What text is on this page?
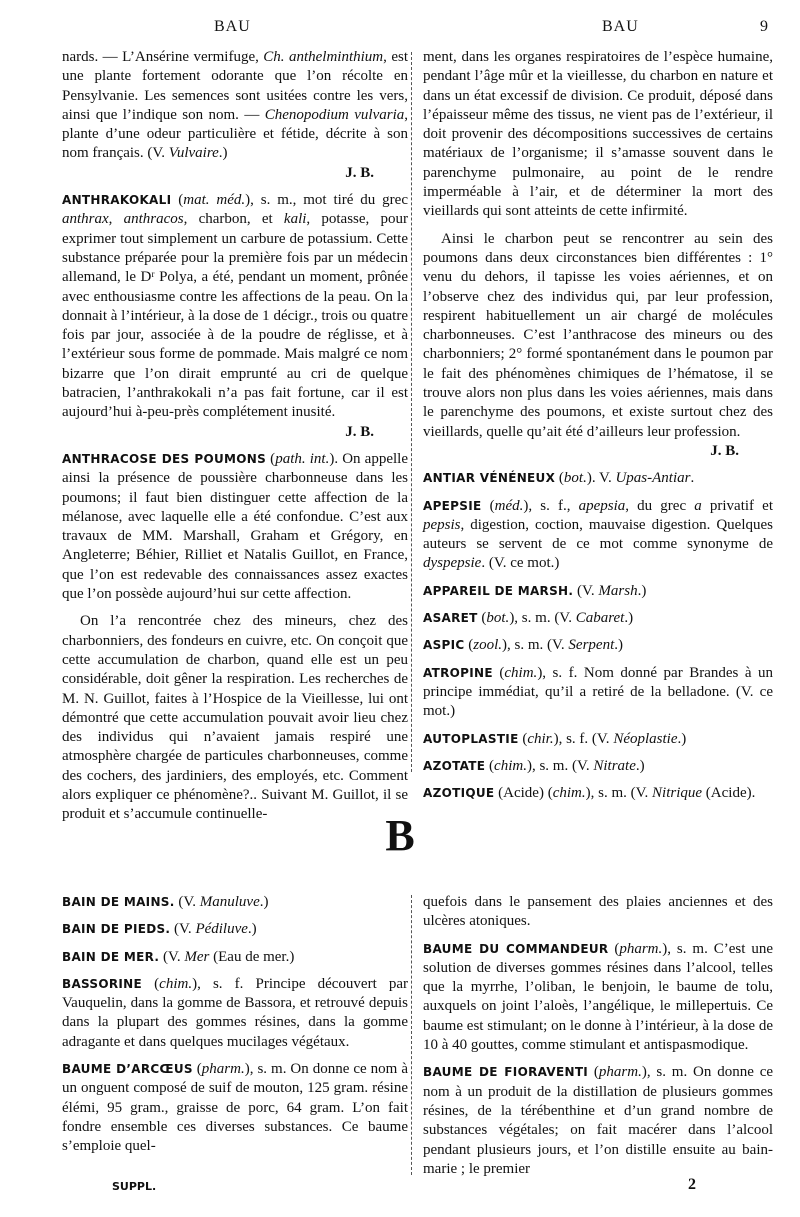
BAU	BAU	9

nards. — L’Ansérine vermifuge, Ch. anthelminthium, est une plante fortement odorante que l’on récolte en Pensylvanie. Les semences sont usitées contre les vers, ainsi que l’indique son nom. — Chenopodium vulvaria, plante d’une odeur particulière et fétide, décrite à son nom français. (V. Vulvaire.)
J. B.

ANTHRAKOKALI (mat. méd.), s. m., mot tiré du grec anthrax, anthracos, charbon, et kali, potasse, pour exprimer tout simplement un carbure de potassium. Cette substance préparée pour la première fois par un médecin allemand, le Dʳ Polya, a été, pendant un moment, prônée avec enthousiasme contre les affections de la peau. On la donnait à l’intérieur, à la dose de 1 décigr., trois ou quatre fois par jour, associée à de la poudre de réglisse, et à l’extérieur sous forme de pommade. Mais malgré ce nom bizarre que l’on dirait emprunté au cri de quelque batracien, l’anthrakokali n’a pas fait fortune, car il est aujourd’hui à-peu-près complétement inusité.
J. B.

ANTHRACOSE DES POUMONS (path. int.). On appelle ainsi la présence de poussière charbonneuse dans les poumons; il faut bien distinguer cette affection de la mélanose, avec laquelle elle a été confondue. C’est aux travaux de MM. Marshall, Graham et Grégory, en Angleterre; Béhier, Rilliet et Natalis Guillot, en France, que l’on est redevable des connaissances assez exactes que l’on possède aujourd’hui sur cette affection.

On l’a rencontrée chez des mineurs, chez des charbonniers, des fondeurs en cuivre, etc. On conçoit que cette accumulation de charbon, quand elle est un peu considérable, doit gêner la respiration. Les recherches de M. N. Guillot, faites à l’Hospice de la Vieillesse, lui ont démontré que cette accumulation pouvait avoir lieu chez des individus qui n’avaient jamais respiré une atmosphère chargée de particules charbonneuses, comme des cochers, des jardiniers, des employés, etc. Comment alors expliquer ce phénomène?.. Suivant M. Guillot, il se produit et s’accumule continuelle-

ment, dans les organes respiratoires de l’espèce humaine, pendant l’âge mûr et la vieillesse, du charbon en nature et dans un état excessif de division. Ce produit, déposé dans l’épaisseur même des tissus, ne vient pas de l’extérieur, il doit provenir des décompositions successives de certains matériaux de l’organisme; il s’amasse souvent dans le parenchyme pulmonaire, au point de le rendre imperméable à l’air, et de déterminer la mort des vieillards qui sont atteints de cette infirmité.

Ainsi le charbon peut se rencontrer au sein des poumons dans deux circonstances bien différentes : 1° venu du dehors, il tapisse les voies aériennes, et on l’observe chez des individus qui, par leur profession, respirent habituellement un air chargé de molécules charbonneuses. C’est l’anthracose des mineurs ou des charbonniers; 2° formé spontanément dans le poumon par le fait des phénomènes chimiques de l’hématose, il se trouve alors non plus dans les voies aériennes, mais dans le parenchyme des poumons, et existe surtout chez des vieillards, quelle qu’ait été d’ailleurs leur profession.
J. B.

ANTIAR VÉNÉNEUX (bot.). V. Upas-Antiar.

APEPSIE (méd.), s. f., apepsia, du grec a privatif et pepsis, digestion, coction, mauvaise digestion. Quelques auteurs se servent de ce mot comme synonyme de dyspepsie. (V. ce mot.)

APPAREIL DE MARSH. (V. Marsh.)

ASARET (bot.), s. m. (V. Cabaret.)

ASPIC (zool.), s. m. (V. Serpent.)

ATROPINE (chim.), s. f. Nom donné par Brandes à un principe immédiat, qu’il a retiré de la belladone. (V. ce mot.)

AUTOPLASTIE (chir.), s. f. (V. Néoplastie.)

AZOTATE (chim.), s. m. (V. Nitrate.)

AZOTIQUE (Acide) (chim.), s. m. (V. Nitrique (Acide).

B

BAIN DE MAINS. (V. Manuluve.)

BAIN DE PIEDS. (V. Pédiluve.)

BAIN DE MER. (V. Mer (Eau de mer.)

BASSORINE (chim.), s. f. Principe découvert par Vauquelin, dans la gomme de Bassora, et retrouvé depuis dans la plupart des gommes résines, dans la gomme adragante et dans quelques mucilages végétaux.

BAUME D’ARCŒUS (pharm.), s. m. On donne ce nom à un onguent composé de suif de mouton, 125 gram. résine élémi, 95 gram., graisse de porc, 64 gram. L’on fait fondre ensemble ces diverses substances. Ce baume s’emploie quel-

quefois dans le pansement des plaies anciennes et des ulcères atoniques.

BAUME DU COMMANDEUR (pharm.), s. m. C’est une solution de diverses gommes résines dans l’alcool, telles que la myrrhe, l’oliban, le benjoin, le baume de tolu, auxquels on joint l’aloès, l’angélique, le millepertuis. Ce baume est stimulant; on le donne à l’intérieur, à la dose de 10 à 40 gouttes, comme stimulant et antispasmodique.

BAUME DE FIORAVENTI (pharm.), s. m. On donne ce nom à un produit de la distillation de plusieurs gommes résines, de la térébenthine et d’un grand nombre de substances végétales; on fait macérer dans l’alcool pendant plusieurs jours, et l’on distille ensuite au bain-marie ; le premier

SUPPL.	2
